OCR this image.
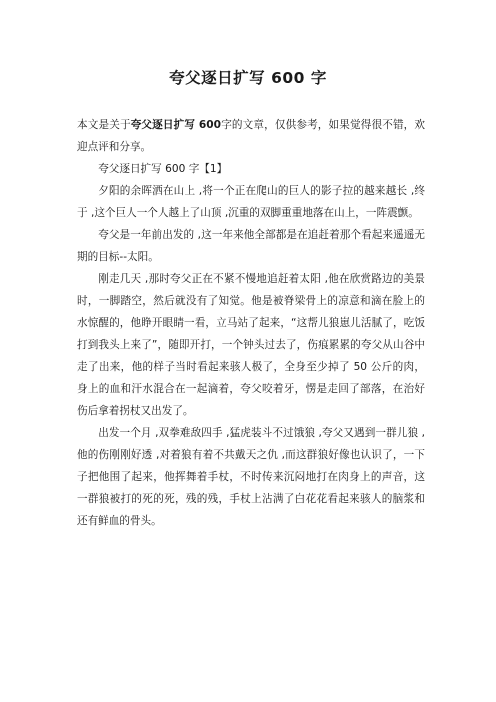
夸父逐日扩写 600 字

本文是关于夸父逐日扩写 600字的文章，仅供参考，如果觉得很不错，欢迎点评和分享。

夸父逐日扩写 600 字【1】

夕阳的余晖洒在山上 ,将一个正在爬山的巨人的影子拉的越来越长 ,终于 ,这个巨人一个人越上了山顶 ,沉重的双脚重重地落在山上，一阵震颤。

夸父是一年前出发的 ,这一年来他全部都是在追赶着那个看起来遥遥无期的目标--太阳。

刚走几天 ,那时夸父正在不紧不慢地追赶着太阳 ,他在欣赏路边的美景时，一脚踏空，然后就没有了知觉。他是被脊梁骨上的凉意和滴在脸上的水惊醒的，他睁开眼睛一看，立马站了起来，“这帮儿狼崽儿活腻了，吃饭打到我头上来了”，随即开打，一个钟头过去了，伤痕累累的夸父从山谷中走了出来，他的样子当时看起来骇人极了，全身至少掉了 50 公斤的肉，身上的血和汗水混合在一起滴着，夸父咬着牙，愣是走回了部落，在治好伤后拿着拐杖又出发了。

出发一个月 ,双拳难敌四手 ,猛虎装斗不过饿狼 ,夸父又遇到一群儿狼 ,他的伤刚刚好透 ,对着狼有着不共戴天之仇 ,而这群狼好像也认识了，一下子把他围了起来，他挥舞着手杖，不时传来沉闷地打在肉身上的声音，这一群狼被打的死的死，残的残，手杖上沾满了白花花看起来骇人的脑浆和还有鲜血的骨头。
